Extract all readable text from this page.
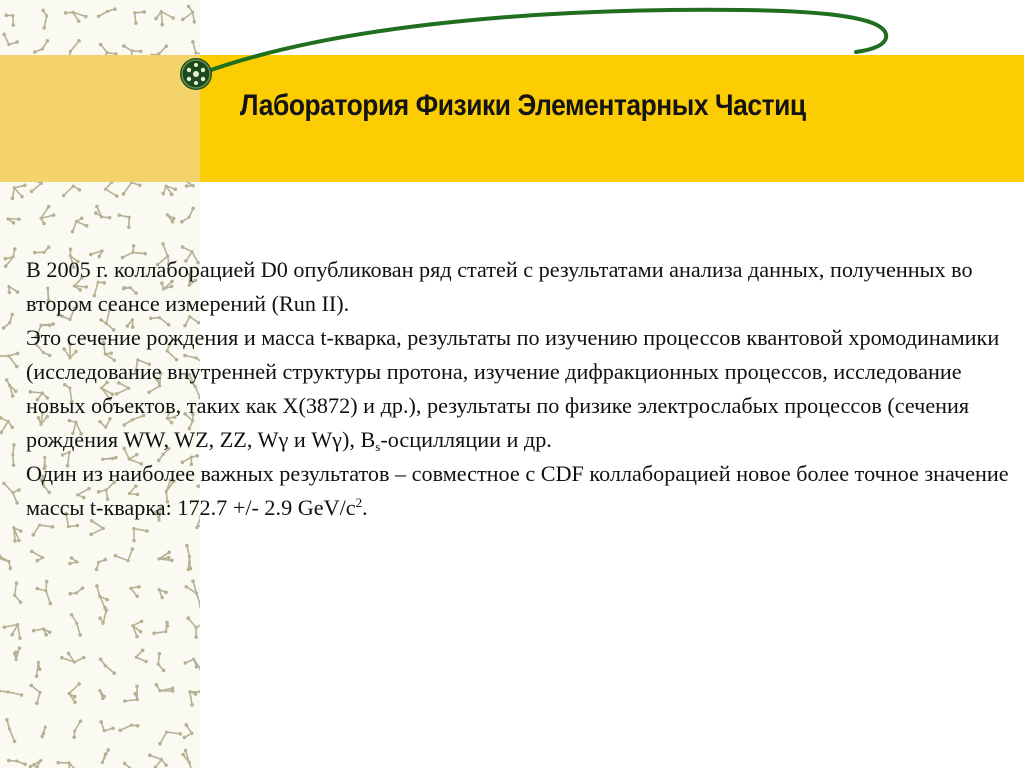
Лаборатория Физики Элементарных Частиц

В 2005 г. коллаборацией D0 опубликован ряд статей с результатами анализа данных, полученных во втором сеансе измерений (Run II).

Это сечение рождения и масса t-кварка, результаты по изучению процессов квантовой хромодинамики (исследование внутренней структуры протона, изучение дифракционных процессов, исследование новых объектов, таких как X(3872) и др.), результаты по физике электрослабых процессов (сечения рождения WW, WZ, ZZ, Wγ и Wγ), $B_s$-осцилляции и др.

Один из наиболее важных результатов – совместное с CDF коллаборацией новое более точное значение массы t-кварка: 172.7 +/- 2.9 GeV/$c^2$.
